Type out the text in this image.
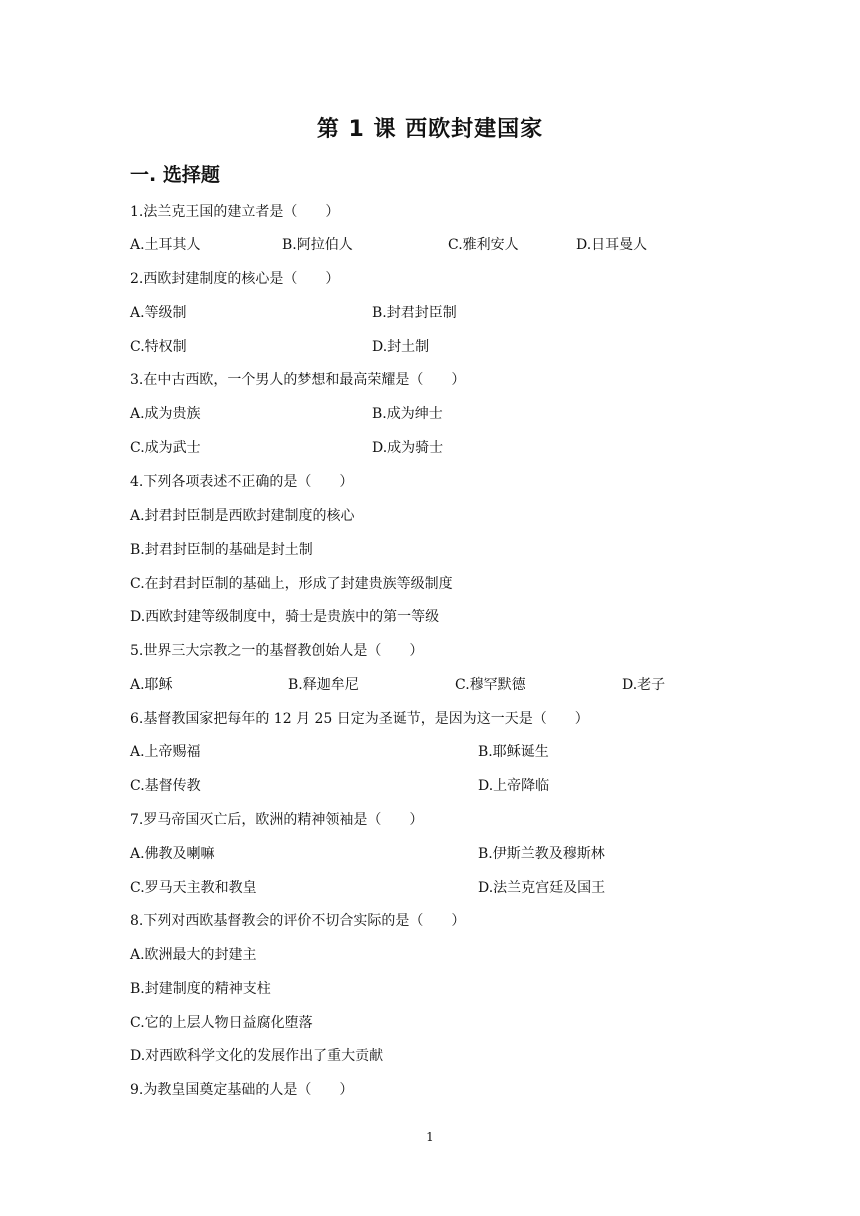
第 1 课 西欧封建国家
一. 选择题
1.法兰克王国的建立者是（　　）
A.土耳其人	B.阿拉伯人	C.雅利安人	D.日耳曼人
2.西欧封建制度的核心是（　　）
A.等级制	B.封君封臣制
C.特权制	D.封土制
3.在中古西欧，一个男人的梦想和最高荣耀是（　　）
A.成为贵族	B.成为绅士
C.成为武士	D.成为骑士
4.下列各项表述不正确的是（　　）
A.封君封臣制是西欧封建制度的核心
B.封君封臣制的基础是封土制
C.在封君封臣制的基础上，形成了封建贵族等级制度
D.西欧封建等级制度中，骑士是贵族中的第一等级
5.世界三大宗教之一的基督教创始人是（　　）
A.耶稣	B.释迦牟尼	C.穆罕默德	D.老子
6.基督教国家把每年的 12 月 25 日定为圣诞节，是因为这一天是（　　）
A.上帝赐福	B.耶稣诞生
C.基督传教	D.上帝降临
7.罗马帝国灭亡后，欧洲的精神领袖是（　　）
A.佛教及喇嘛	B.伊斯兰教及穆斯林
C.罗马天主教和教皇	D.法兰克宫廷及国王
8.下列对西欧基督教会的评价不切合实际的是（　　）
A.欧洲最大的封建主
B.封建制度的精神支柱
C.它的上层人物日益腐化堕落
D.对西欧科学文化的发展作出了重大贡献
9.为教皇国奠定基础的人是（　　）
1
